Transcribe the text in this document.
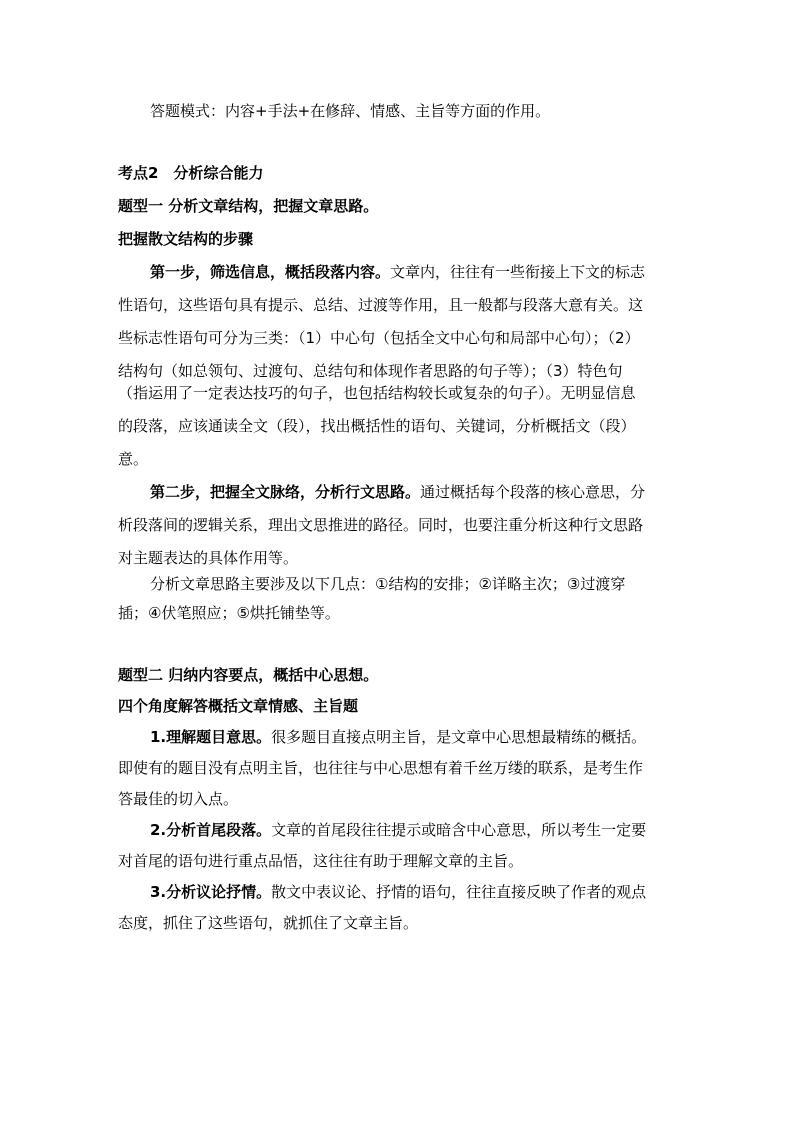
答题模式：内容+手法+在修辞、情感、主旨等方面的作用。

考点2　分析综合能力

题型一 分析文章结构，把握文章思路。

把握散文结构的步骤

第一步，筛选信息，概括段落内容。文章内，往往有一些衔接上下文的标志

性语句，这些语句具有提示、总结、过渡等作用，且一般都与段落大意有关。这

些标志性语句可分为三类：（1）中心句（包括全文中心句和局部中心句）；（2）

结构句（如总领句、过渡句、总结句和体现作者思路的句子等）；（3）特色句

（指运用了一定表达技巧的句子，也包括结构较长或复杂的句子）。无明显信息

的段落，应该通读全文（段），找出概括性的语句、关键词，分析概括文（段）

意。

第二步，把握全文脉络，分析行文思路。通过概括每个段落的核心意思，分

析段落间的逻辑关系，理出文思推进的路径。同时，也要注重分析这种行文思路

对主题表达的具体作用等。

分析文章思路主要涉及以下几点：①结构的安排；②详略主次；③过渡穿

插；④伏笔照应；⑤烘托铺垫等。

题型二 归纳内容要点，概括中心思想。

四个角度解答概括文章情感、主旨题

1.理解题目意思。很多题目直接点明主旨，是文章中心思想最精练的概括。

即使有的题目没有点明主旨，也往往与中心思想有着千丝万缕的联系，是考生作

答最佳的切入点。

2.分析首尾段落。文章的首尾段往往提示或暗含中心意思，所以考生一定要

对首尾的语句进行重点品悟，这往往有助于理解文章的主旨。

3.分析议论抒情。散文中表议论、抒情的语句，往往直接反映了作者的观点

态度，抓住了这些语句，就抓住了文章主旨。
